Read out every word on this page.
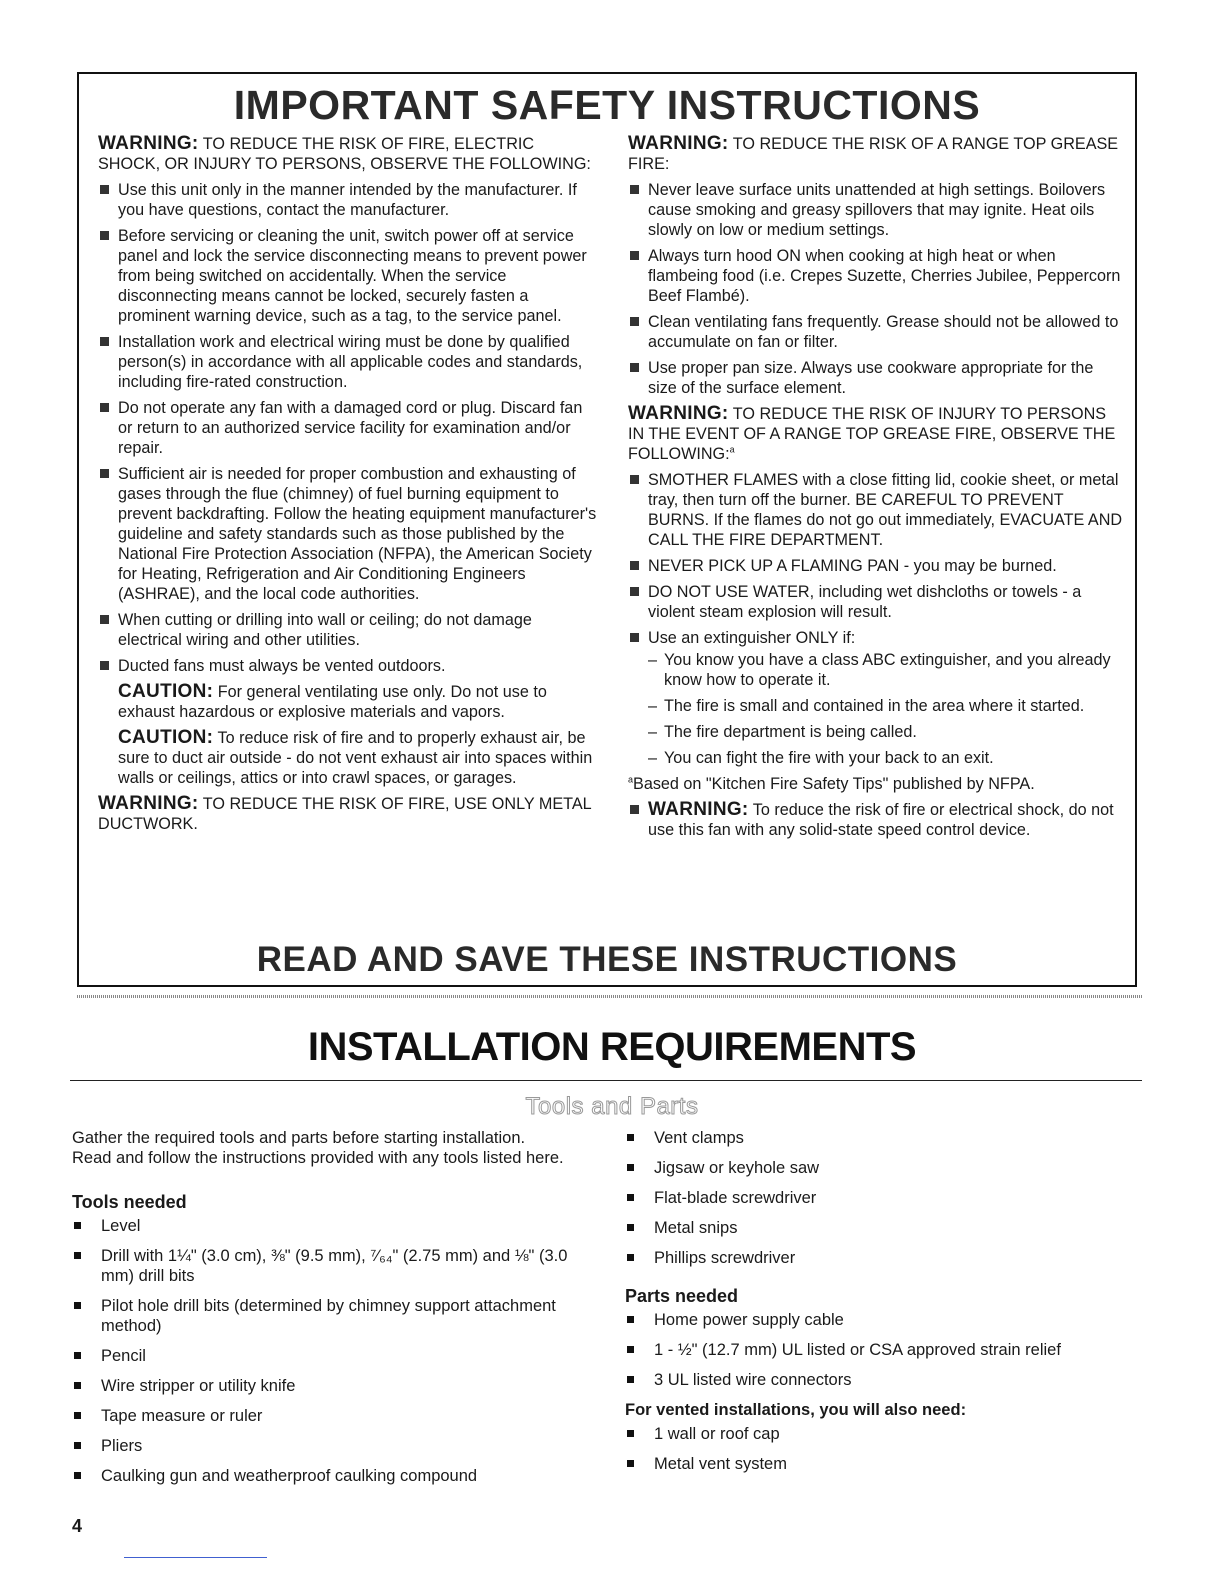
IMPORTANT SAFETY INSTRUCTIONS
WARNING: TO REDUCE THE RISK OF FIRE, ELECTRIC SHOCK, OR INJURY TO PERSONS, OBSERVE THE FOLLOWING:
Use this unit only in the manner intended by the manufacturer. If you have questions, contact the manufacturer.
Before servicing or cleaning the unit, switch power off at service panel and lock the service disconnecting means to prevent power from being switched on accidentally. When the service disconnecting means cannot be locked, securely fasten a prominent warning device, such as a tag, to the service panel.
Installation work and electrical wiring must be done by qualified person(s) in accordance with all applicable codes and standards, including fire-rated construction.
Do not operate any fan with a damaged cord or plug. Discard fan or return to an authorized service facility for examination and/or repair.
Sufficient air is needed for proper combustion and exhausting of gases through the flue (chimney) of fuel burning equipment to prevent backdrafting. Follow the heating equipment manufacturer's guideline and safety standards such as those published by the National Fire Protection Association (NFPA), the American Society for Heating, Refrigeration and Air Conditioning Engineers (ASHRAE), and the local code authorities.
When cutting or drilling into wall or ceiling; do not damage electrical wiring and other utilities.
Ducted fans must always be vented outdoors.
CAUTION: For general ventilating use only. Do not use to exhaust hazardous or explosive materials and vapors.
CAUTION: To reduce risk of fire and to properly exhaust air, be sure to duct air outside - do not vent exhaust air into spaces within walls or ceilings, attics or into crawl spaces, or garages.
WARNING: TO REDUCE THE RISK OF FIRE, USE ONLY METAL DUCTWORK.
WARNING: TO REDUCE THE RISK OF A RANGE TOP GREASE FIRE:
Never leave surface units unattended at high settings. Boilovers cause smoking and greasy spillovers that may ignite. Heat oils slowly on low or medium settings.
Always turn hood ON when cooking at high heat or when flambeing food (i.e. Crepes Suzette, Cherries Jubilee, Peppercorn Beef Flambé).
Clean ventilating fans frequently. Grease should not be allowed to accumulate on fan or filter.
Use proper pan size. Always use cookware appropriate for the size of the surface element.
WARNING: TO REDUCE THE RISK OF INJURY TO PERSONS IN THE EVENT OF A RANGE TOP GREASE FIRE, OBSERVE THE FOLLOWING:$^a$
SMOTHER FLAMES with a close fitting lid, cookie sheet, or metal tray, then turn off the burner. BE CAREFUL TO PREVENT BURNS. If the flames do not go out immediately, EVACUATE AND CALL THE FIRE DEPARTMENT.
NEVER PICK UP A FLAMING PAN - you may be burned.
DO NOT USE WATER, including wet dishcloths or towels - a violent steam explosion will result.
Use an extinguisher ONLY if:
– You know you have a class ABC extinguisher, and you already know how to operate it.
– The fire is small and contained in the area where it started.
– The fire department is being called.
– You can fight the fire with your back to an exit.
$^a$Based on "Kitchen Fire Safety Tips" published by NFPA.
WARNING: To reduce the risk of fire or electrical shock, do not use this fan with any solid-state speed control device.
READ AND SAVE THESE INSTRUCTIONS
INSTALLATION REQUIREMENTS
Tools and Parts

Gather the required tools and parts before starting installation.

Read and follow the instructions provided with any tools listed here.

Tools needed
Level
Drill with 1¼" (3.0 cm), ⅜" (9.5 mm), ⁷⁄₆₄" (2.75 mm) and ⅛" (3.0 mm) drill bits
Pilot hole drill bits (determined by chimney support attachment method)
Pencil
Wire stripper or utility knife
Tape measure or ruler
Pliers
Caulking gun and weatherproof caulking compound
Vent clamps
Jigsaw or keyhole saw
Flat-blade screwdriver
Metal snips
Phillips screwdriver
Parts needed
Home power supply cable
1 - ½" (12.7 mm) UL listed or CSA approved strain relief
3 UL listed wire connectors
For vented installations, you will also need:
1 wall or roof cap
Metal vent system
4
